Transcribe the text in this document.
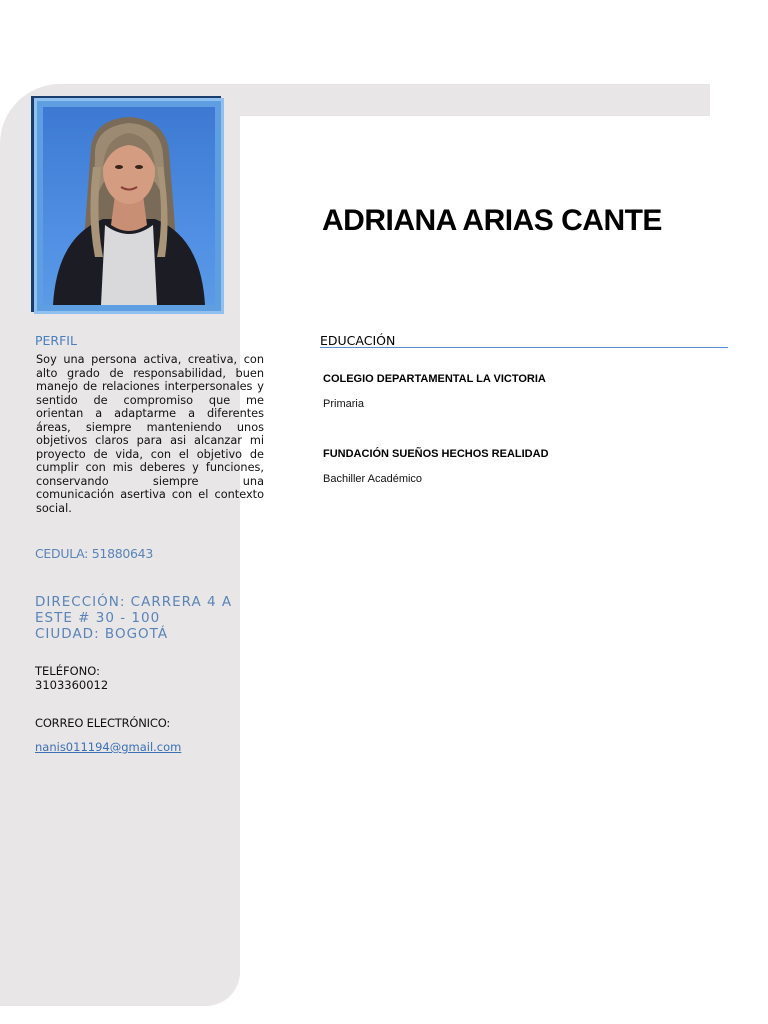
ADRIANA ARIAS CANTE
PERFIL
Soy una persona activa, creativa, con alto grado de responsabilidad, buen manejo de relaciones interpersonales y sentido de compromiso que me orientan a adaptarme a diferentes áreas, siempre manteniendo unos objetivos claros para asi alcanzar mi proyecto de vida, con el objetivo de cumplir con mis deberes y funciones, conservando siempre una comunicación asertiva con el contexto social.
CEDULA: 51880643
DIRECCIÓN: CARRERA 4 A
ESTE # 30 - 100
CIUDAD: BOGOTÁ
TELÉFONO:
3103360012
CORREO ELECTRÓNICO:
nanis011194@gmail.com
EDUCACIÓN
COLEGIO DEPARTAMENTAL LA VICTORIA
Primaria
FUNDACIÓN SUEÑOS HECHOS REALIDAD
Bachiller Académico
